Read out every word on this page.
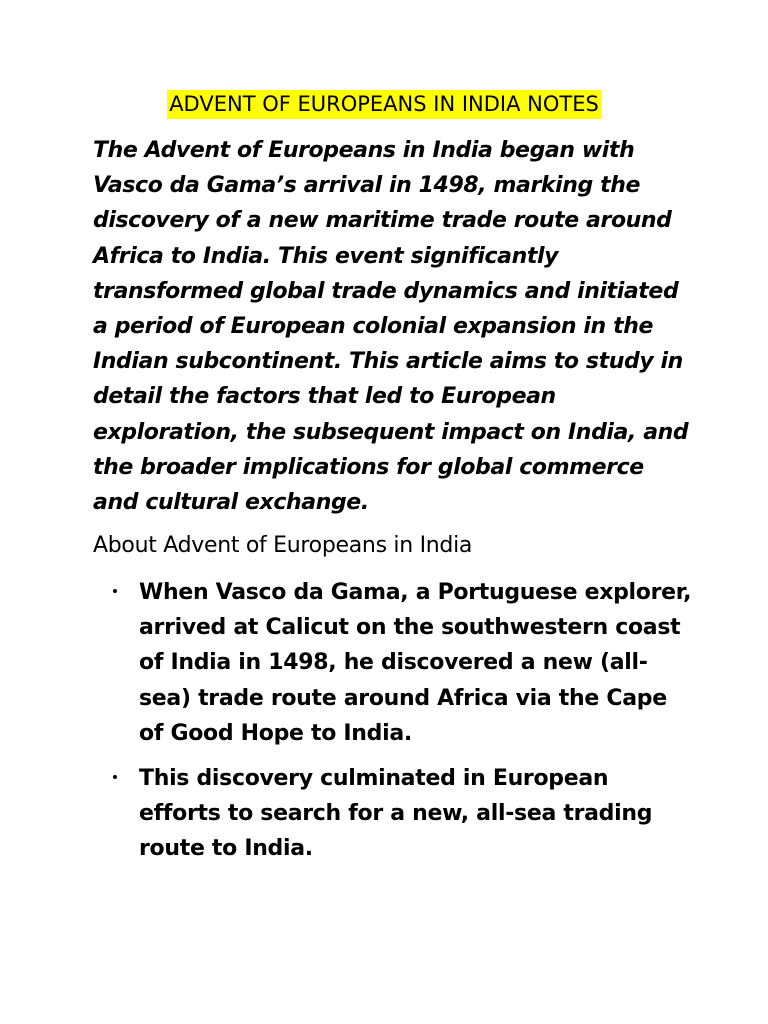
ADVENT OF EUROPEANS IN INDIA NOTES

The Advent of Europeans in India began with Vasco da Gama’s arrival in 1498, marking the discovery of a new maritime trade route around Africa to India. This event significantly transformed global trade dynamics and initiated a period of European colonial expansion in the Indian subcontinent. This article aims to study in detail the factors that led to European exploration, the subsequent impact on India, and the broader implications for global commerce and cultural exchange.

About Advent of Europeans in India
When Vasco da Gama, a Portuguese explorer, arrived at Calicut on the southwestern coast of India in 1498, he discovered a new (all-sea) trade route around Africa via the Cape of Good Hope to India.
This discovery culminated in European efforts to search for a new, all-sea trading route to India.
